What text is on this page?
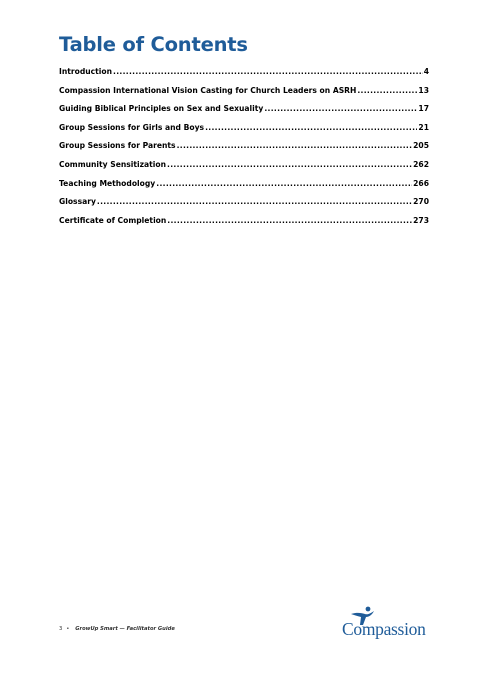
Table of Contents
Introduction .....	4
Compassion International Vision Casting for Church Leaders on ASRH .....	13
Guiding Biblical Principles on Sex and Sexuality .....	17
Group Sessions for Girls and Boys .....	21
Group Sessions for Parents .....	205
Community Sensitization .....	262
Teaching Methodology .....	266
Glossary .....	270
Certificate of Completion .....	273
3 • GrowUp Smart — Facilitator Guide	Compassion
